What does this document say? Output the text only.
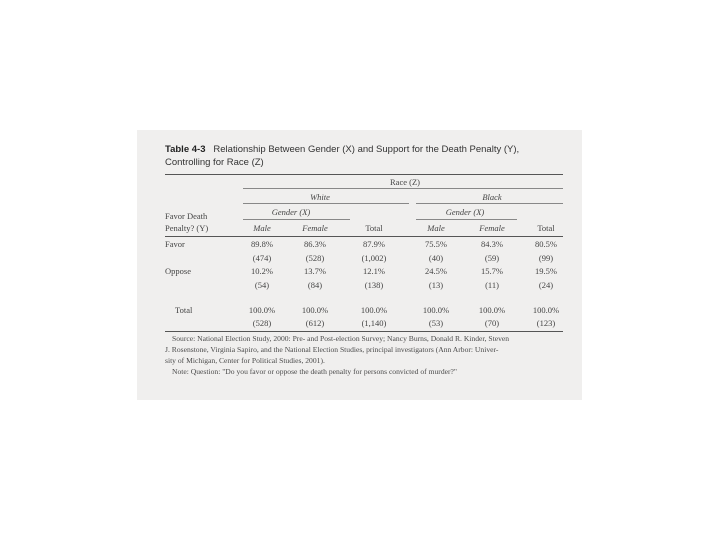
Table 4-3 Relationship Between Gender (X) and Support for the Death Penalty (Y),
Controlling for Race (Z)
Race (Z)
White	Black
Gender (X)	Gender (X)
Favor Death
Penalty? (Y)	Male	Female	Total	Male	Female	Total
Favor	89.8%	86.3%	87.9%	75.5%	84.3%	80.5%
(474)	(528)	(1,002)	(40)	(59)	(99)
Oppose	10.2%	13.7%	12.1%	24.5%	15.7%	19.5%
(54)	(84)	(138)	(13)	(11)	(24)
Total	100.0%	100.0%	100.0%	100.0%	100.0%	100.0%
(528)	(612)	(1,140)	(53)	(70)	(123)
Source: National Election Study, 2000: Pre- and Post-election Survey; Nancy Burns, Donald R. Kinder, Steven
J. Rosenstone, Virginia Sapiro, and the National Election Studies, principal investigators (Ann Arbor: Univer-
sity of Michigan, Center for Political Studies, 2001).
Note: Question: "Do you favor or oppose the death penalty for persons convicted of murder?"
